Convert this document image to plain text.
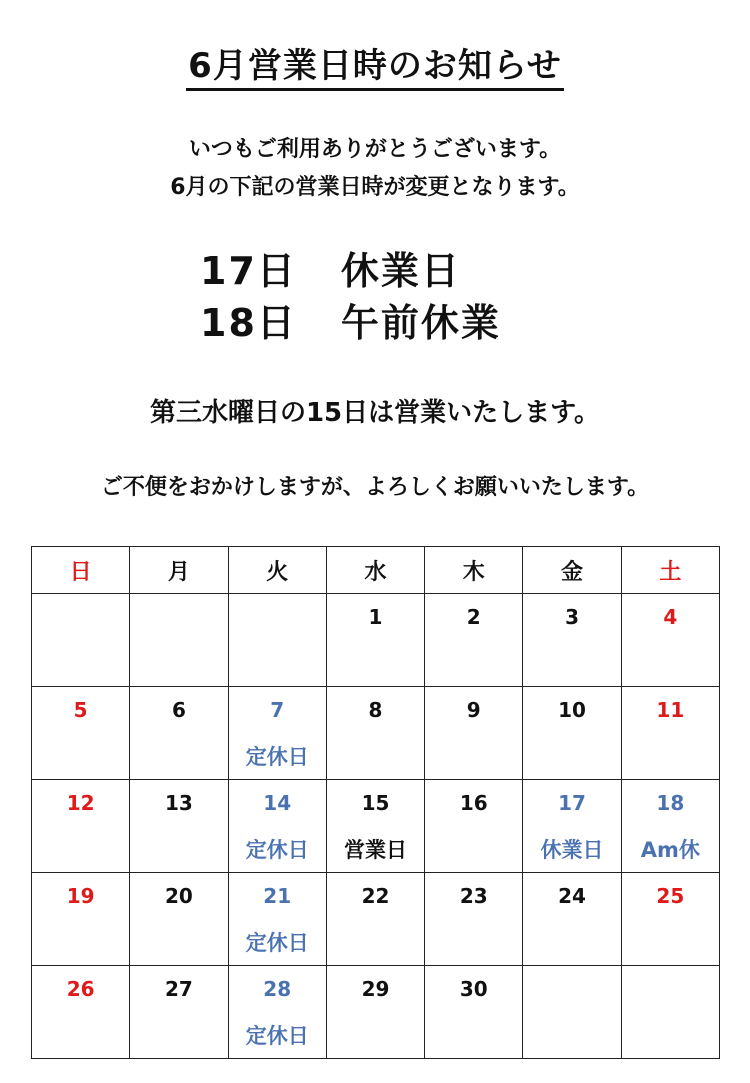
6月営業日時のお知らせ
いつもご利用ありがとうございます。
6月の下記の営業日時が変更となります。
17日 休業日
18日 午前休業
第三水曜日の15日は営業いたします。
ご不便をおかけしますが、よろしくお願いいたします。
日	月	火	水	木	金	土
			1	2	3	4

5	6	7	8	9	10	11
		定休日				
12	13	14	15	16	17	18
		定休日	営業日		休業日	Am休
19	20	21	22	23	24	25
		定休日				
26	27	28	29	30		
		定休日				
